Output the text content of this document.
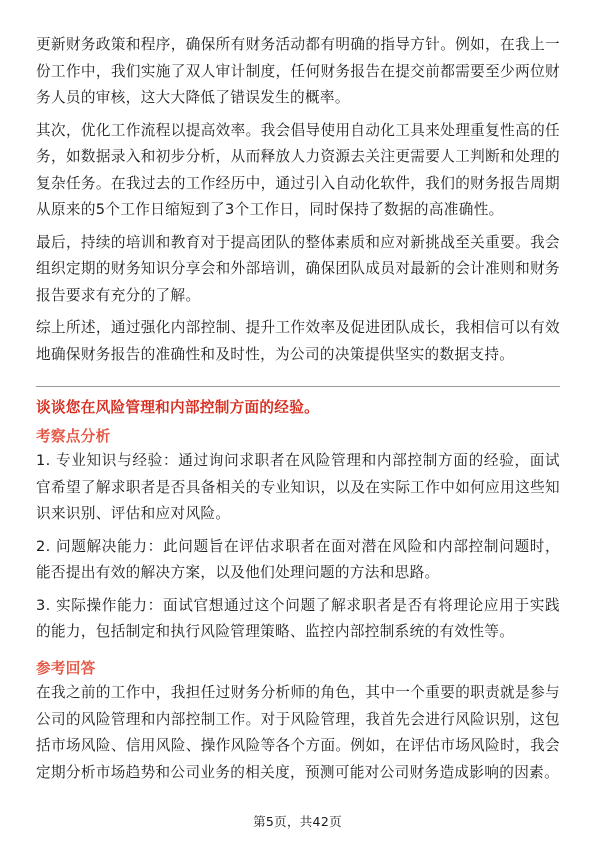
更新财务政策和程序，确保所有财务活动都有明确的指导方针。例如，在我上一份工作中，我们实施了双人审计制度，任何财务报告在提交前都需要至少两位财务人员的审核，这大大降低了错误发生的概率。

其次，优化工作流程以提高效率。我会倡导使用自动化工具来处理重复性高的任务，如数据录入和初步分析，从而释放人力资源去关注更需要人工判断和处理的复杂任务。在我过去的工作经历中，通过引入自动化软件，我们的财务报告周期从原来的5个工作日缩短到了3个工作日，同时保持了数据的高准确性。

最后，持续的培训和教育对于提高团队的整体素质和应对新挑战至关重要。我会组织定期的财务知识分享会和外部培训，确保团队成员对最新的会计准则和财务报告要求有充分的了解。

综上所述，通过强化内部控制、提升工作效率及促进团队成长，我相信可以有效地确保财务报告的准确性和及时性，为公司的决策提供坚实的数据支持。

谈谈您在风险管理和内部控制方面的经验。
考察点分析

1. 专业知识与经验：通过询问求职者在风险管理和内部控制方面的经验，面试官希望了解求职者是否具备相关的专业知识，以及在实际工作中如何应用这些知识来识别、评估和应对风险。

2. 问题解决能力：此问题旨在评估求职者在面对潜在风险和内部控制问题时，能否提出有效的解决方案，以及他们处理问题的方法和思路。

3. 实际操作能力：面试官想通过这个问题了解求职者是否有将理论应用于实践的能力，包括制定和执行风险管理策略、监控内部控制系统的有效性等。

参考回答

在我之前的工作中，我担任过财务分析师的角色，其中一个重要的职责就是参与公司的风险管理和内部控制工作。对于风险管理，我首先会进行风险识别，这包括市场风险、信用风险、操作风险等各个方面。例如，在评估市场风险时，我会定期分析市场趋势和公司业务的相关度，预测可能对公司财务造成影响的因素。

第5页，共42页
